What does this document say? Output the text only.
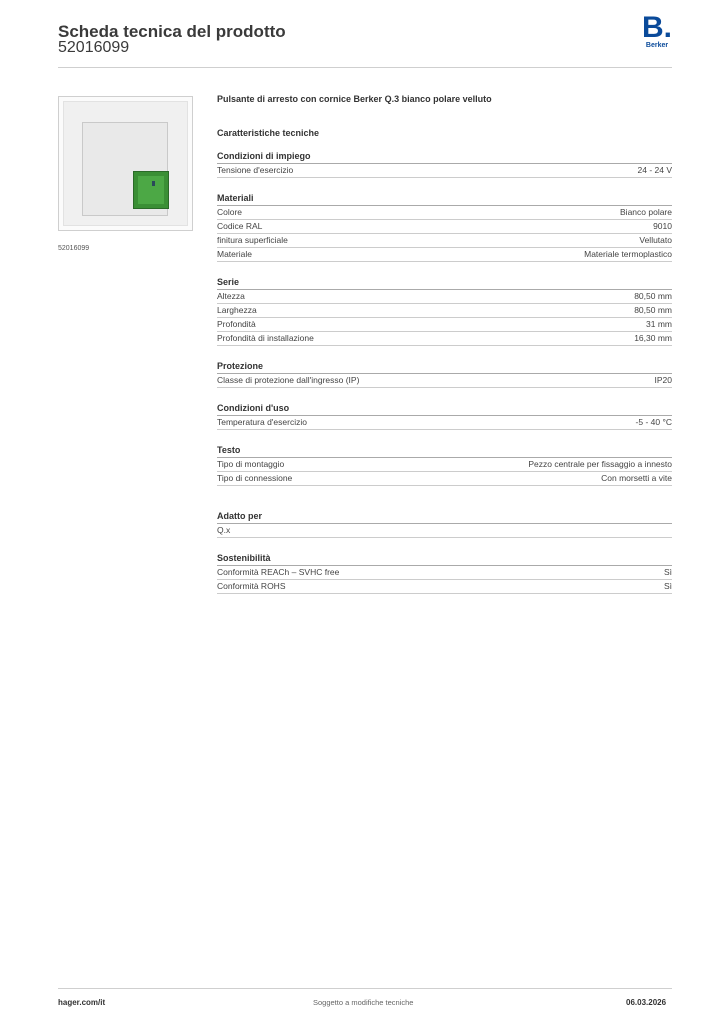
Scheda tecnica del prodotto
52016099
B.
Berker
52016099
Pulsante di arresto con cornice Berker Q.3 bianco polare velluto
Caratteristiche tecniche
Condizioni di impiego
Tensione d'esercizio	24 - 24 V
Materiali
Colore	Bianco polare
Codice RAL	9010
finitura superficiale	Vellutato
Materiale	Materiale termoplastico
Serie
Altezza	80,50 mm
Larghezza	80,50 mm
Profondità	31 mm
Profondità di installazione	16,30 mm
Protezione
Classe di protezione dall'ingresso (IP)	IP20
Condizioni d'uso
Temperatura d'esercizio	-5 - 40 °C
Testo
Tipo di montaggio	Pezzo centrale per fissaggio a innesto
Tipo di connessione	Con morsetti a vite
Adatto per
Q.x
Sostenibilità
Conformità REACh – SVHC free	Sì
Conformità ROHS	Sì
hager.com/it	Soggetto a modifiche tecniche	06.03.2026
